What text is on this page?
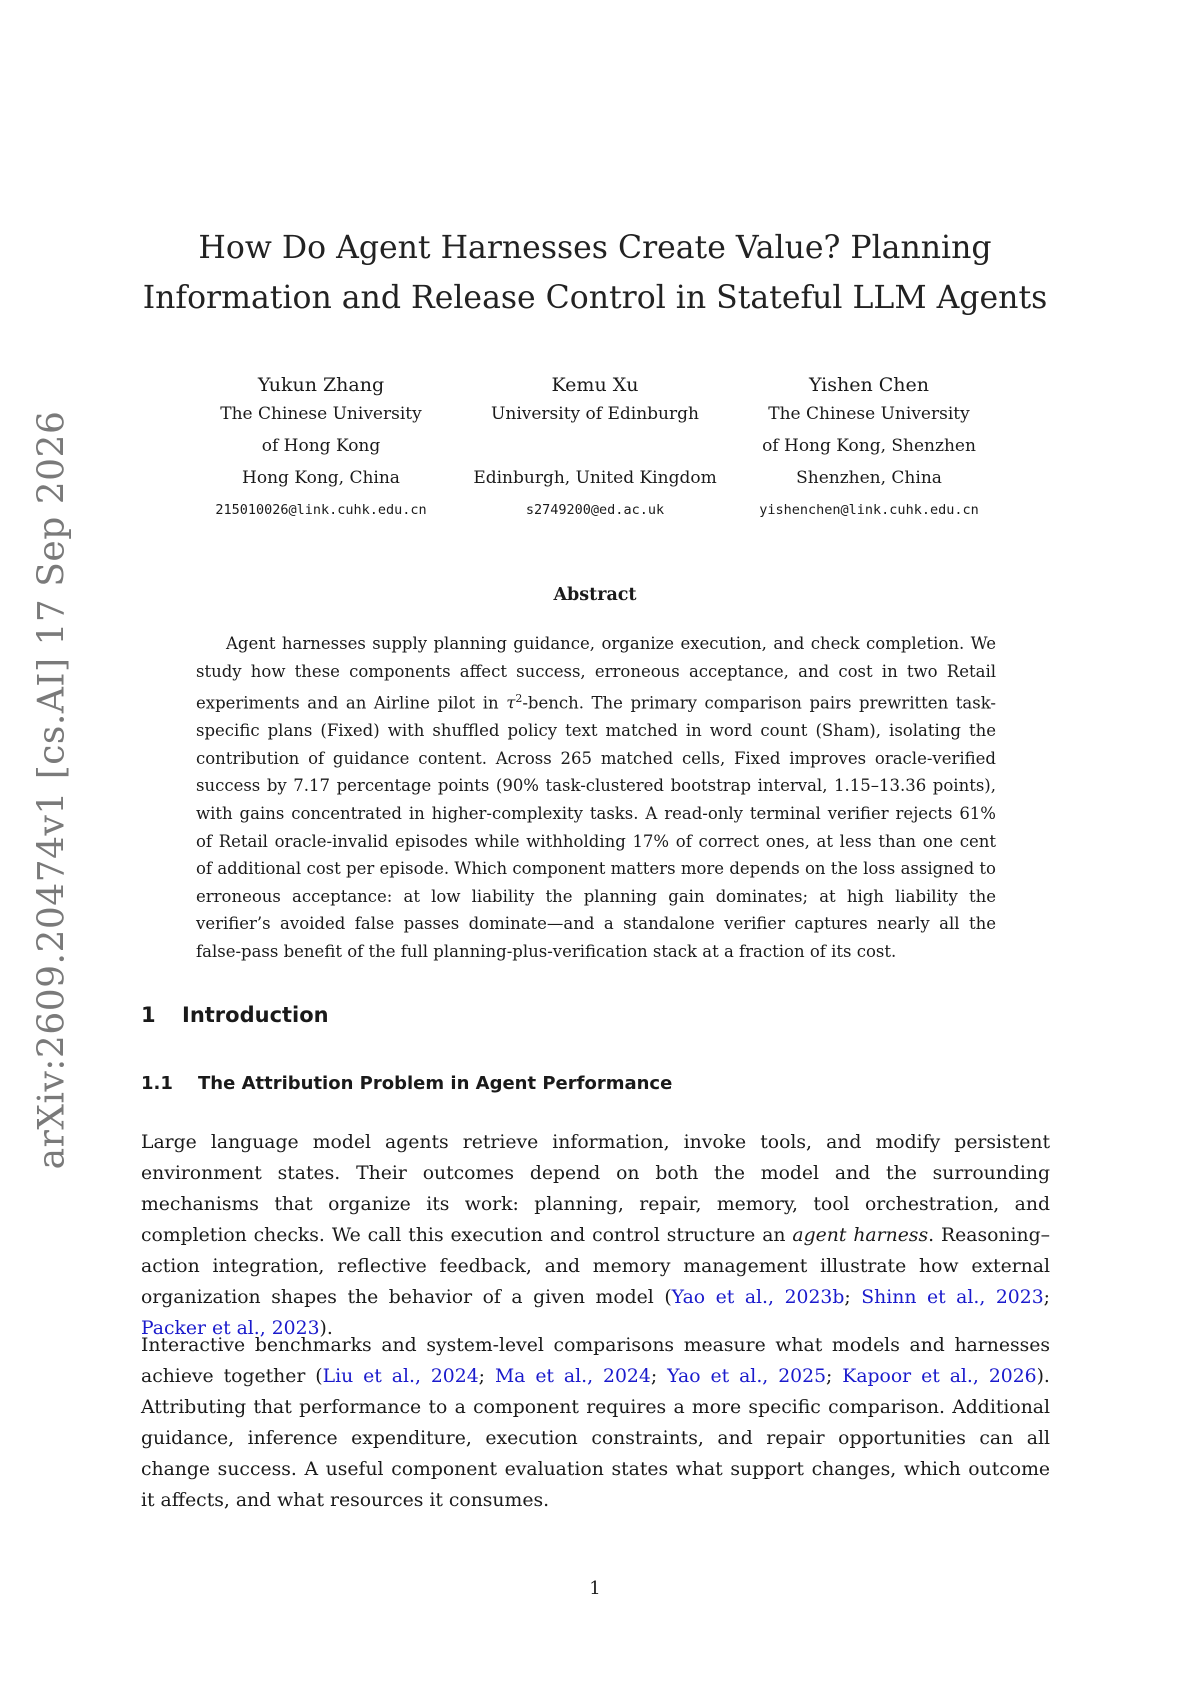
arXiv:2609.20474v1 [cs.AI] 17 Sep 2026
How Do Agent Harnesses Create Value? Planning Information and Release Control in Stateful LLM Agents
Yukun Zhang
The Chinese University
of Hong Kong
Hong Kong, China
215010026@link.cuhk.edu.cn
Kemu Xu
University of Edinburgh
Edinburgh, United Kingdom
s2749200@ed.ac.uk
Yishen Chen
The Chinese University
of Hong Kong, Shenzhen
Shenzhen, China
yishenchen@link.cuhk.edu.cn
Abstract

Agent harnesses supply planning guidance, organize execution, and check completion. We study how these components affect success, erroneous acceptance, and cost in two Retail experiments and an Airline pilot in $\tau^2$-bench. The primary comparison pairs prewritten task-specific plans (Fixed) with shuffled policy text matched in word count (Sham), isolating the contribution of guidance content. Across 265 matched cells, Fixed improves oracle-verified success by 7.17 percentage points (90% task-clustered bootstrap interval, 1.15–13.36 points), with gains concentrated in higher-complexity tasks. A read-only terminal verifier rejects 61% of Retail oracle-invalid episodes while withholding 17% of correct ones, at less than one cent of additional cost per episode. Which component matters more depends on the loss assigned to erroneous acceptance: at low liability the planning gain dominates; at high liability the verifier’s avoided false passes dominate—and a standalone verifier captures nearly all the false-pass benefit of the full planning-plus-verification stack at a fraction of its cost.

1 Introduction
1.1 The Attribution Problem in Agent Performance

Large language model agents retrieve information, invoke tools, and modify persistent environment states. Their outcomes depend on both the model and the surrounding mechanisms that organize its work: planning, repair, memory, tool orchestration, and completion checks. We call this execution and control structure an agent harness. Reasoning–action integration, reflective feedback, and memory management illustrate how external organization shapes the behavior of a given model (Yao et al., 2023b; Shinn et al., 2023; Packer et al., 2023).

Interactive benchmarks and system-level comparisons measure what models and harnesses achieve together (Liu et al., 2024; Ma et al., 2024; Yao et al., 2025; Kapoor et al., 2026). Attributing that performance to a component requires a more specific comparison. Additional guidance, inference expenditure, execution constraints, and repair opportunities can all change success. A useful component evaluation states what support changes, which outcome it affects, and what resources it consumes.

1
